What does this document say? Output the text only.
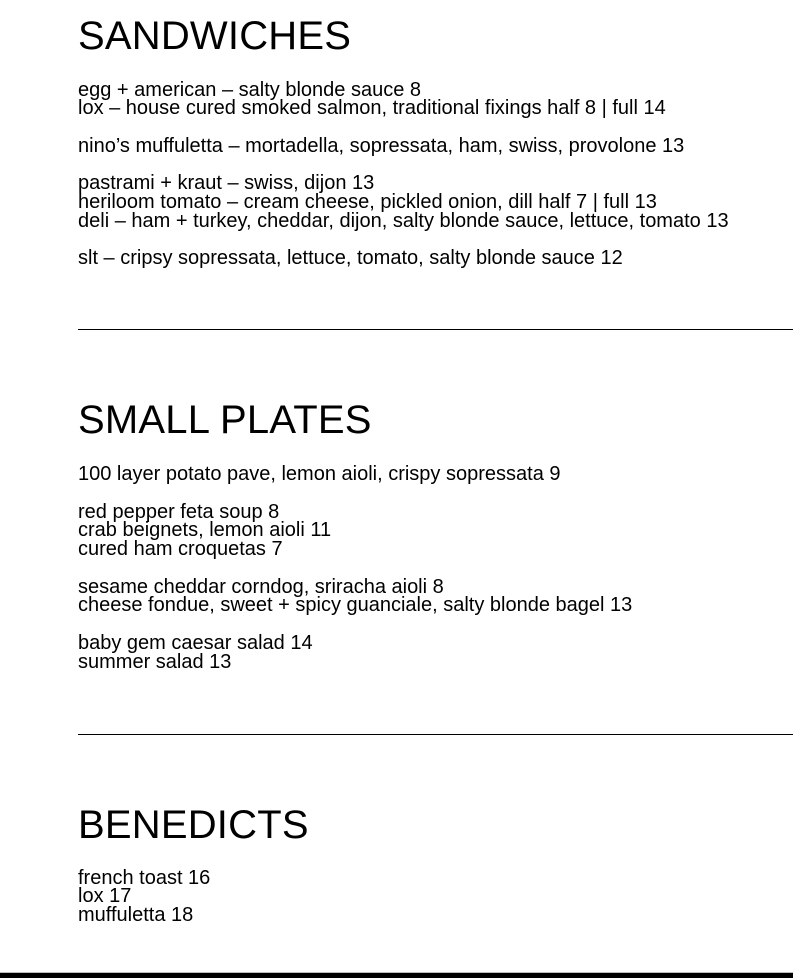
SANDWICHES

egg + american – salty blonde sauce 8

lox – house cured smoked salmon, traditional fixings half 8 | full 14

nino’s muffuletta – mortadella, sopressata, ham, swiss, provolone 13

pastrami + kraut – swiss, dijon 13

heriloom tomato – cream cheese, pickled onion, dill half 7 | full 13

deli – ham + turkey, cheddar, dijon, salty blonde sauce, lettuce, tomato 13

slt – cripsy sopressata, lettuce, tomato, salty blonde sauce 12

SMALL PLATES

100 layer potato pave, lemon aioli, crispy sopressata 9

red pepper feta soup 8

crab beignets, lemon aioli 11

cured ham croquetas 7

sesame cheddar corndog, sriracha aioli 8

cheese fondue, sweet + spicy guanciale, salty blonde bagel 13

baby gem caesar salad 14

summer salad 13

BENEDICTS

french toast 16

lox 17

muffuletta 18
